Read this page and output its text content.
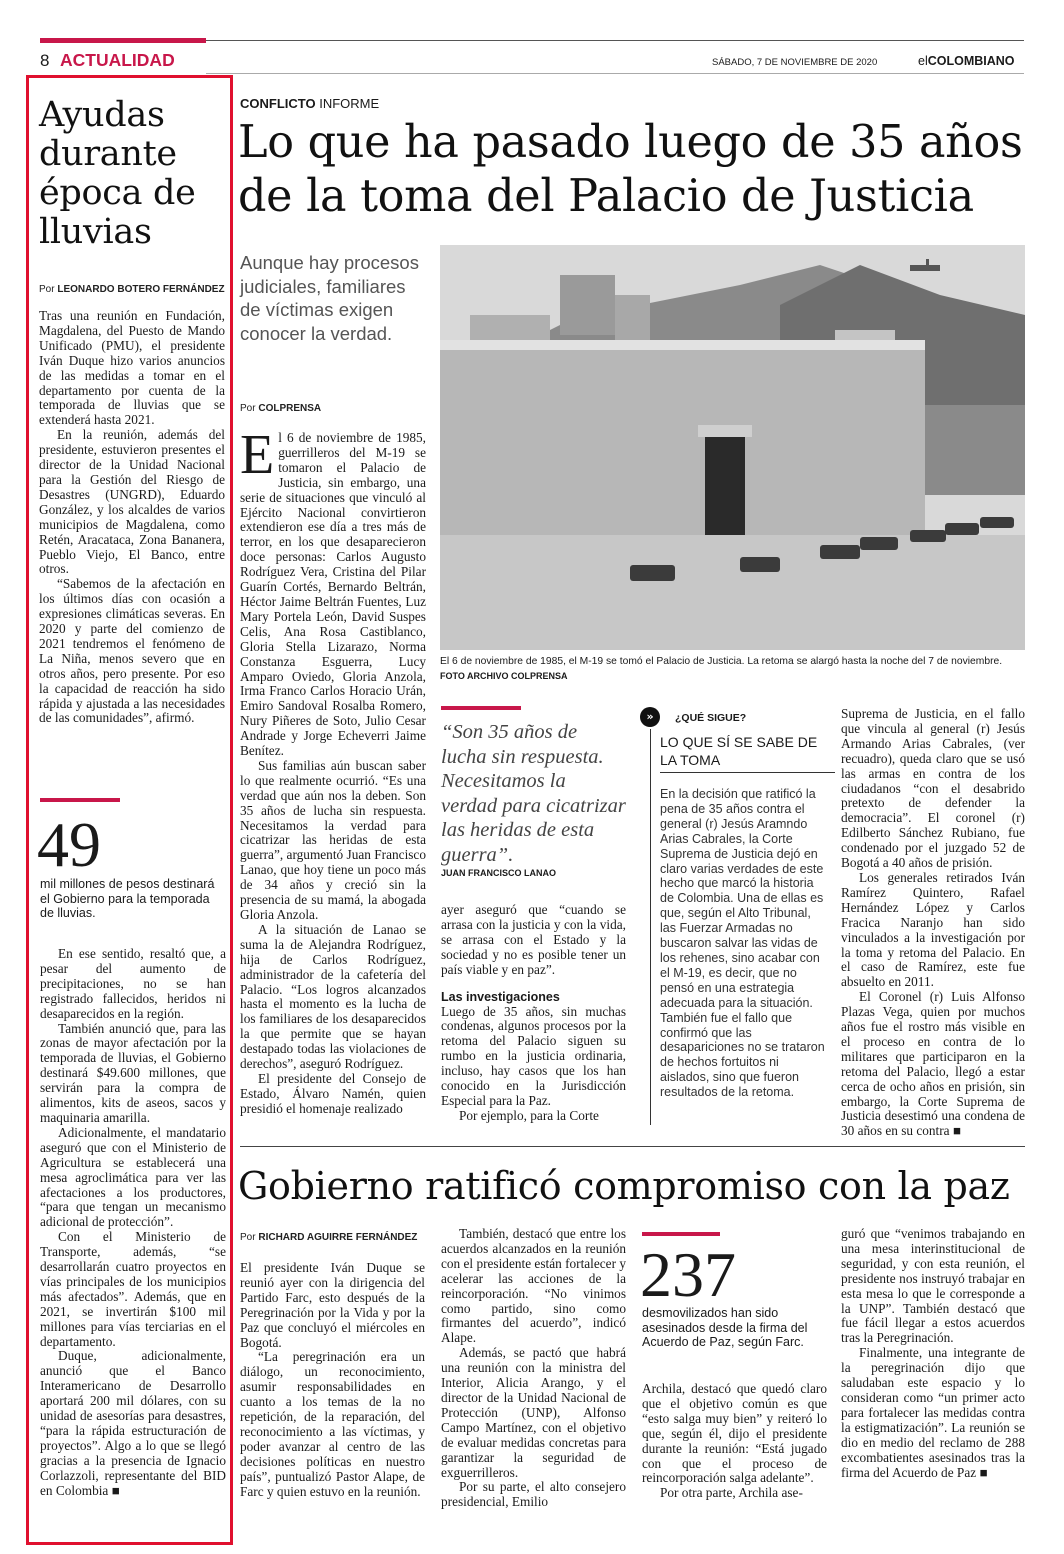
8 ACTUALIDAD	SÁBADO, 7 DE NOVIEMBRE DE 2020	elCOLOMBIANO
Ayudas durante época de lluvias
Por LEONARDO BOTERO FERNÁNDEZ

Tras una reunión en Fundación, Magdalena, del Puesto de Mando Unificado (PMU), el presidente Iván Duque hizo varios anuncios de las medidas a tomar en el departamento por cuenta de la temporada de lluvias que se extenderá hasta 2021.

En la reunión, además del presidente, estuvieron presentes el director de la Unidad Nacional para la Gestión del Riesgo de Desastres (UNGRD), Eduardo González, y los alcaldes de varios municipios de Magdalena, como Retén, Aracataca, Zona Bananera, Pueblo Viejo, El Banco, entre otros.

“Sabemos de la afectación en los últimos días con ocasión a expresiones climáticas severas. En 2020 y parte del comienzo de 2021 tendremos el fenómeno de La Niña, menos severo que en otros años, pero presente. Por eso la capacidad de reacción ha sido rápida y ajustada a las necesidades de las comunidades”, afirmó.

49
mil millones de pesos destinará el Gobierno para la temporada de lluvias.

En ese sentido, resaltó que, a pesar del aumento de precipitaciones, no se han registrado fallecidos, heridos ni desaparecidos en la región.

También anunció que, para las zonas de mayor afectación por la temporada de lluvias, el Gobierno destinará $49.600 millones, que servirán para la compra de alimentos, kits de aseos, sacos y maquinaria amarilla.

Adicionalmente, el mandatario aseguró que con el Ministerio de Agricultura se establecerá una mesa agroclimática para ver las afectaciones a los productores, “para que tengan un mecanismo adicional de protección”.

Con el Ministerio de Transporte, además, “se desarrollarán cuatro proyectos en vías principales de los municipios más afectados”. Además, que en 2021, se invertirán $100 mil millones para vías terciarias en el departamento.

Duque, adicionalmente, anunció que el Banco Interamericano de Desarrollo aportará 200 mil dólares, con su unidad de asesorías para desastres, “para la rápida estructuración de proyectos”. Algo a lo que se llegó gracias a la presencia de Ignacio Corlazzoli, representante del BID en Colombia ■

CONFLICTO INFORME
Lo que ha pasado luego de 35 años de la toma del Palacio de Justicia
Aunque hay procesos judiciales, familiares de víctimas exigen conocer la verdad.
Por COLPRENSA
El 6 de noviembre de 1985, el M-19 se tomó el Palacio de Justicia. La retoma se alargó hasta la noche del 7 de noviembre. FOTO ARCHIVO COLPRENSA

El 6 de noviembre de 1985, guerrilleros del M-19 se tomaron el Palacio de Justicia, sin embargo, una serie de situaciones que vinculó al Ejército Nacional convirtieron extendieron ese día a tres más de terror, en los que desaparecieron doce personas: Carlos Augusto Rodríguez Vera, Cristina del Pilar Guarín Cortés, Bernardo Beltrán, Héctor Jaime Beltrán Fuentes, Luz Mary Portela León, David Suspes Celis, Ana Rosa Castiblanco, Gloria Stella Lizarazo, Norma Constanza Esguerra, Lucy Amparo Oviedo, Gloria Anzola, Irma Franco Carlos Horacio Urán, Emiro Sandoval Rosalba Romero, Nury Piñeres de Soto, Julio Cesar Andrade y Jorge Echeverri Jaime Benítez.

Sus familias aún buscan saber lo que realmente ocurrió. “Es una verdad que aún nos la deben. Son 35 años de lucha sin respuesta. Necesitamos la verdad para cicatrizar las heridas de esta guerra”, argumentó Juan Francisco Lanao, que hoy tiene un poco más de 34 años y creció sin la presencia de su mamá, la abogada Gloria Anzola.

A la situación de Lanao se suma la de Alejandra Rodríguez, hija de Carlos Rodríguez, administrador de la cafetería del Palacio. “Los logros alcanzados hasta el momento es la lucha de los familiares de los desaparecidos la que permite que se hayan destapado todas las violaciones de derechos”, aseguró Rodríguez.

El presidente del Consejo de Estado, Álvaro Namén, quien presidió el homenaje realizado

“Son 35 años de lucha sin respuesta. Necesitamos la verdad para cicatrizar las heridas de esta guerra”.
JUAN FRANCISCO LANAO

ayer aseguró que “cuando se arrasa con la justicia y con la vida, se arrasa con el Estado y la sociedad y no es posible tener un país viable y en paz”.

Las investigaciones

Luego de 35 años, sin muchas condenas, algunos procesos por la retoma del Palacio siguen su rumbo en la justicia ordinaria, incluso, hay casos que los han conocido en la Jurisdicción Especial para la Paz.

Por ejemplo, para la Corte

»	¿QUÉ SIGUE?
LO QUE SÍ SE SABE DE LA TOMA
En la decisión que ratificó la pena de 35 años contra el general (r) Jesús Aramndo Arias Cabrales, la Corte Suprema de Justicia dejó en claro varias verdades de este hecho que marcó la historia de Colombia. Una de ellas es que, según el Alto Tribunal, las Fuerzar Armadas no buscaron salvar las vidas de los rehenes, sino acabar con el M-19, es decir, que no pensó en una estrategia adecuada para la situación. También fue el fallo que confirmó que las desapariciones no se trataron de hechos fortuitos ni aislados, sino que fueron resultados de la retoma.

Suprema de Justicia, en el fallo que vincula al general (r) Jesús Armando Arias Cabrales, (ver recuadro), queda claro que se usó las armas en contra de los ciudadanos “con el desabrido pretexto de defender la democracia”. El coronel (r) Edilberto Sánchez Rubiano, fue condenado por el juzgado 52 de Bogotá a 40 años de prisión.

Los generales retirados Iván Ramírez Quintero, Rafael Hernández López y Carlos Fracica Naranjo han sido vinculados a la investigación por la toma y retoma del Palacio. En el caso de Ramírez, este fue absuelto en 2011.

El Coronel (r) Luis Alfonso Plazas Vega, quien por muchos años fue el rostro más visible en el proceso en contra de lo militares que participaron en la retoma del Palacio, llegó a estar cerca de ocho años en prisión, sin embargo, la Corte Suprema de Justicia desestimó una condena de 30 años en su contra ■

Gobierno ratificó compromiso con la paz
Por RICHARD AGUIRRE FERNÁNDEZ

El presidente Iván Duque se reunió ayer con la dirigencia del Partido Farc, esto después de la Peregrinación por la Vida y por la Paz que concluyó el miércoles en Bogotá.

“La peregrinación era un diálogo, un reconocimiento, asumir responsabilidades en cuanto a los temas de la no repetición, de la reparación, del reconocimiento a las víctimas, y poder avanzar al centro de las decisiones políticas en nuestro país”, puntualizó Pastor Alape, de Farc y quien estuvo en la reunión.

También, destacó que entre los acuerdos alcanzados en la reunión con el presidente están fortalecer y acelerar las acciones de la reincorporación. “No vinimos como partido, sino como firmantes del acuerdo”, indicó Alape.

Además, se pactó que habrá una reunión con la ministra del Interior, Alicia Arango, y el director de la Unidad Nacional de Protección (UNP), Alfonso Campo Martínez, con el objetivo de evaluar medidas concretas para garantizar la seguridad de exguerrilleros.

Por su parte, el alto consejero presidencial, Emilio

237
desmovilizados han sido asesinados desde la firma del Acuerdo de Paz, según Farc.

Archila, destacó que quedó claro que el objetivo común es que “esto salga muy bien” y reiteró lo que, según él, dijo el presidente durante la reunión: “Está jugado con que el proceso de reincorporación salga adelante”.

Por otra parte, Archila ase-

guró que “venimos trabajando en una mesa interinstitucional de seguridad, y con esta reunión, el presidente nos instruyó trabajar en esta mesa lo que le corresponde a la UNP”. También destacó que fue fácil llegar a estos acuerdos tras la Peregrinación.

Finalmente, una integrante de la peregrinación dijo que saludaban este espacio y lo consideran como “un primer acto para fortalecer las medidas contra la estigmatización”. La reunión se dio en medio del reclamo de 288 excombatientes asesinados tras la firma del Acuerdo de Paz ■
